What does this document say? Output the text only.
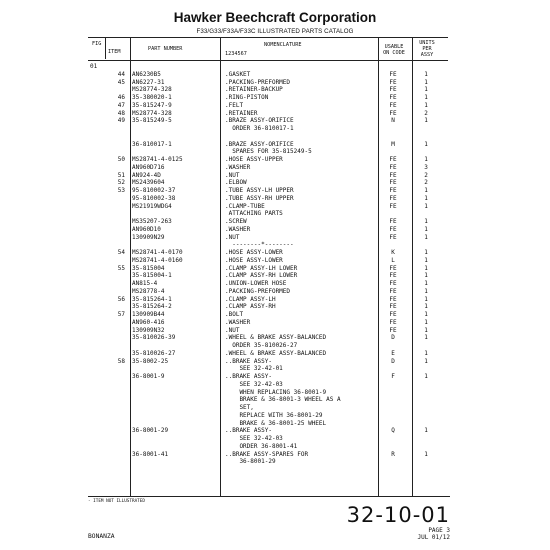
Hawker Beechcraft Corporation
F33/G33/F33A/F33C ILLUSTRATED PARTS CATALOG
FIG
ITEM	PART NUMBER
NOMENCLATURE
1234567
USABLE
ON CODE
UNITS
PER
ASSY
01
44 AN6230B5	.GASKET	FE	1
45 AN6227-31	.PACKING-PREFORMED	FE	1
MS28774-328	.RETAINER-BACKUP	FE	1
46 35-380020-1	.RING-PISTON	FE	1
47 35-815247-9	.FELT	FE	1
48 MS28774-328	.RETAINER	FE	2
49 35-815249-5	.BRAZE ASSY-ORIFICE	N	1
ORDER 36-810017-1
36-810017-1	.BRAZE ASSY-ORIFICE	M	1
SPARES FOR 35-815249-5
50 MS28741-4-0125	.HOSE ASSY-UPPER	FE	1
AN960D716	.WASHER	FE	3
51 AN924-4D	.NUT	FE	2
52 MS2439604	.ELBOW	FE	2
53 95-810002-37	.TUBE ASSY-LH UPPER	FE	1
95-810002-38	.TUBE ASSY-RH UPPER	FE	1
MS21919WDG4	.CLAMP-TUBE	FE	1
ATTACHING PARTS
MS35207-263	.SCREW	FE	1
AN960D10	.WASHER	FE	1
130909N29	.NUT	FE	1
--------*--------
54 MS28741-4-0170	.HOSE ASSY-LOWER	K	1
MS28741-4-0160	.HOSE ASSY-LOWER	L	1
55 35-815004	.CLAMP ASSY-LH LOWER	FE	1
35-815004-1	.CLAMP ASSY-RH LOWER	FE	1
AN815-4	.UNION-LOWER HOSE	FE	1
MS28778-4	.PACKING-PREFORMED	FE	1
56 35-815264-1	.CLAMP ASSY-LH	FE	1
35-815264-2	.CLAMP ASSY-RH	FE	1
57 130909B44	.BOLT	FE	1
AN960-416	.WASHER	FE	1
130909N32	.NUT	FE	1
35-810026-39	.WHEEL & BRAKE ASSY-BALANCED	D	1
ORDER 35-810026-27
35-810026-27	.WHEEL & BRAKE ASSY-BALANCED	E	1
58 35-8002-25	..BRAKE ASSY-	D	1
SEE 32-42-01
36-8001-9	..BRAKE ASSY-	F	1
SEE 32-42-03
WHEN REPLACING 36-8001-9
BRAKE & 36-8001-3 WHEEL AS A
SET,
REPLACE WITH 36-8001-29
BRAKE & 36-8001-25 WHEEL
36-8001-29	..BRAKE ASSY-	Q	1
SEE 32-42-03
ORDER 36-8001-41
36-8001-41	..BRAKE ASSY-SPARES FOR	R	1
36-8001-29
- ITEM NOT ILLUSTRATED
32-10-01
PAGE 3
JUL 01/12
BONANZA
